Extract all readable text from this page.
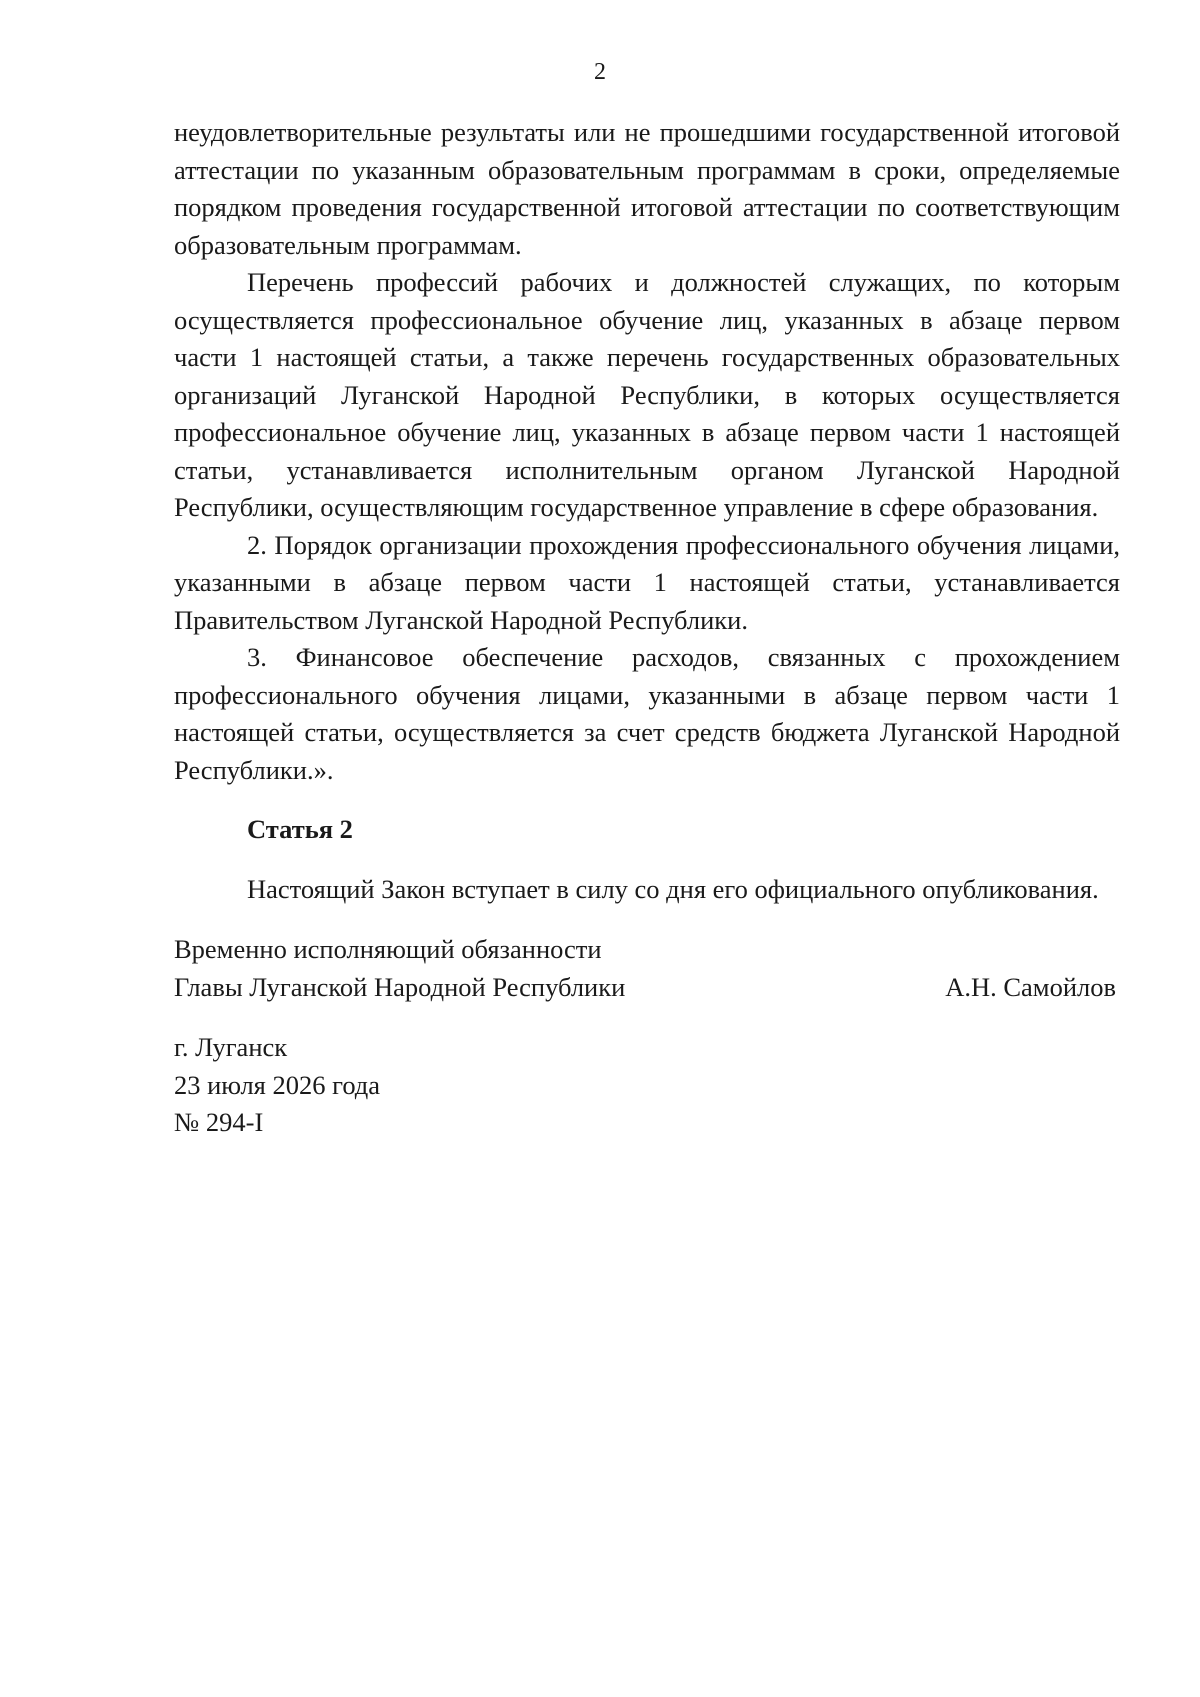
2

неудовлетворительные результаты или не прошедшими государственной итоговой аттестации по указанным образовательным программам в сроки, определяемые порядком проведения государственной итоговой аттестации по соответствующим образовательным программам.

Перечень профессий рабочих и должностей служащих, по которым осуществляется профессиональное обучение лиц, указанных в абзаце первом части 1 настоящей статьи, а также перечень государственных образовательных организаций Луганской Народной Республики, в которых осуществляется профессиональное обучение лиц, указанных в абзаце первом части 1 настоящей статьи, устанавливается исполнительным органом Луганской Народной Республики, осуществляющим государственное управление в сфере образования.

2. Порядок организации прохождения профессионального обучения лицами, указанными в абзаце первом части 1 настоящей статьи, устанавливается Правительством Луганской Народной Республики.

3. Финансовое обеспечение расходов, связанных с прохождением профессионального обучения лицами, указанными в абзаце первом части 1 настоящей статьи, осуществляется за счет средств бюджета Луганской Народной Республики.».

Статья 2

Настоящий Закон вступает в силу со дня его официального опубликования.

Временно исполняющий обязанности
Главы Луганской Народной Республики	А.Н. Самойлов
г. Луганск
23 июля 2026 года
№ 294-I
